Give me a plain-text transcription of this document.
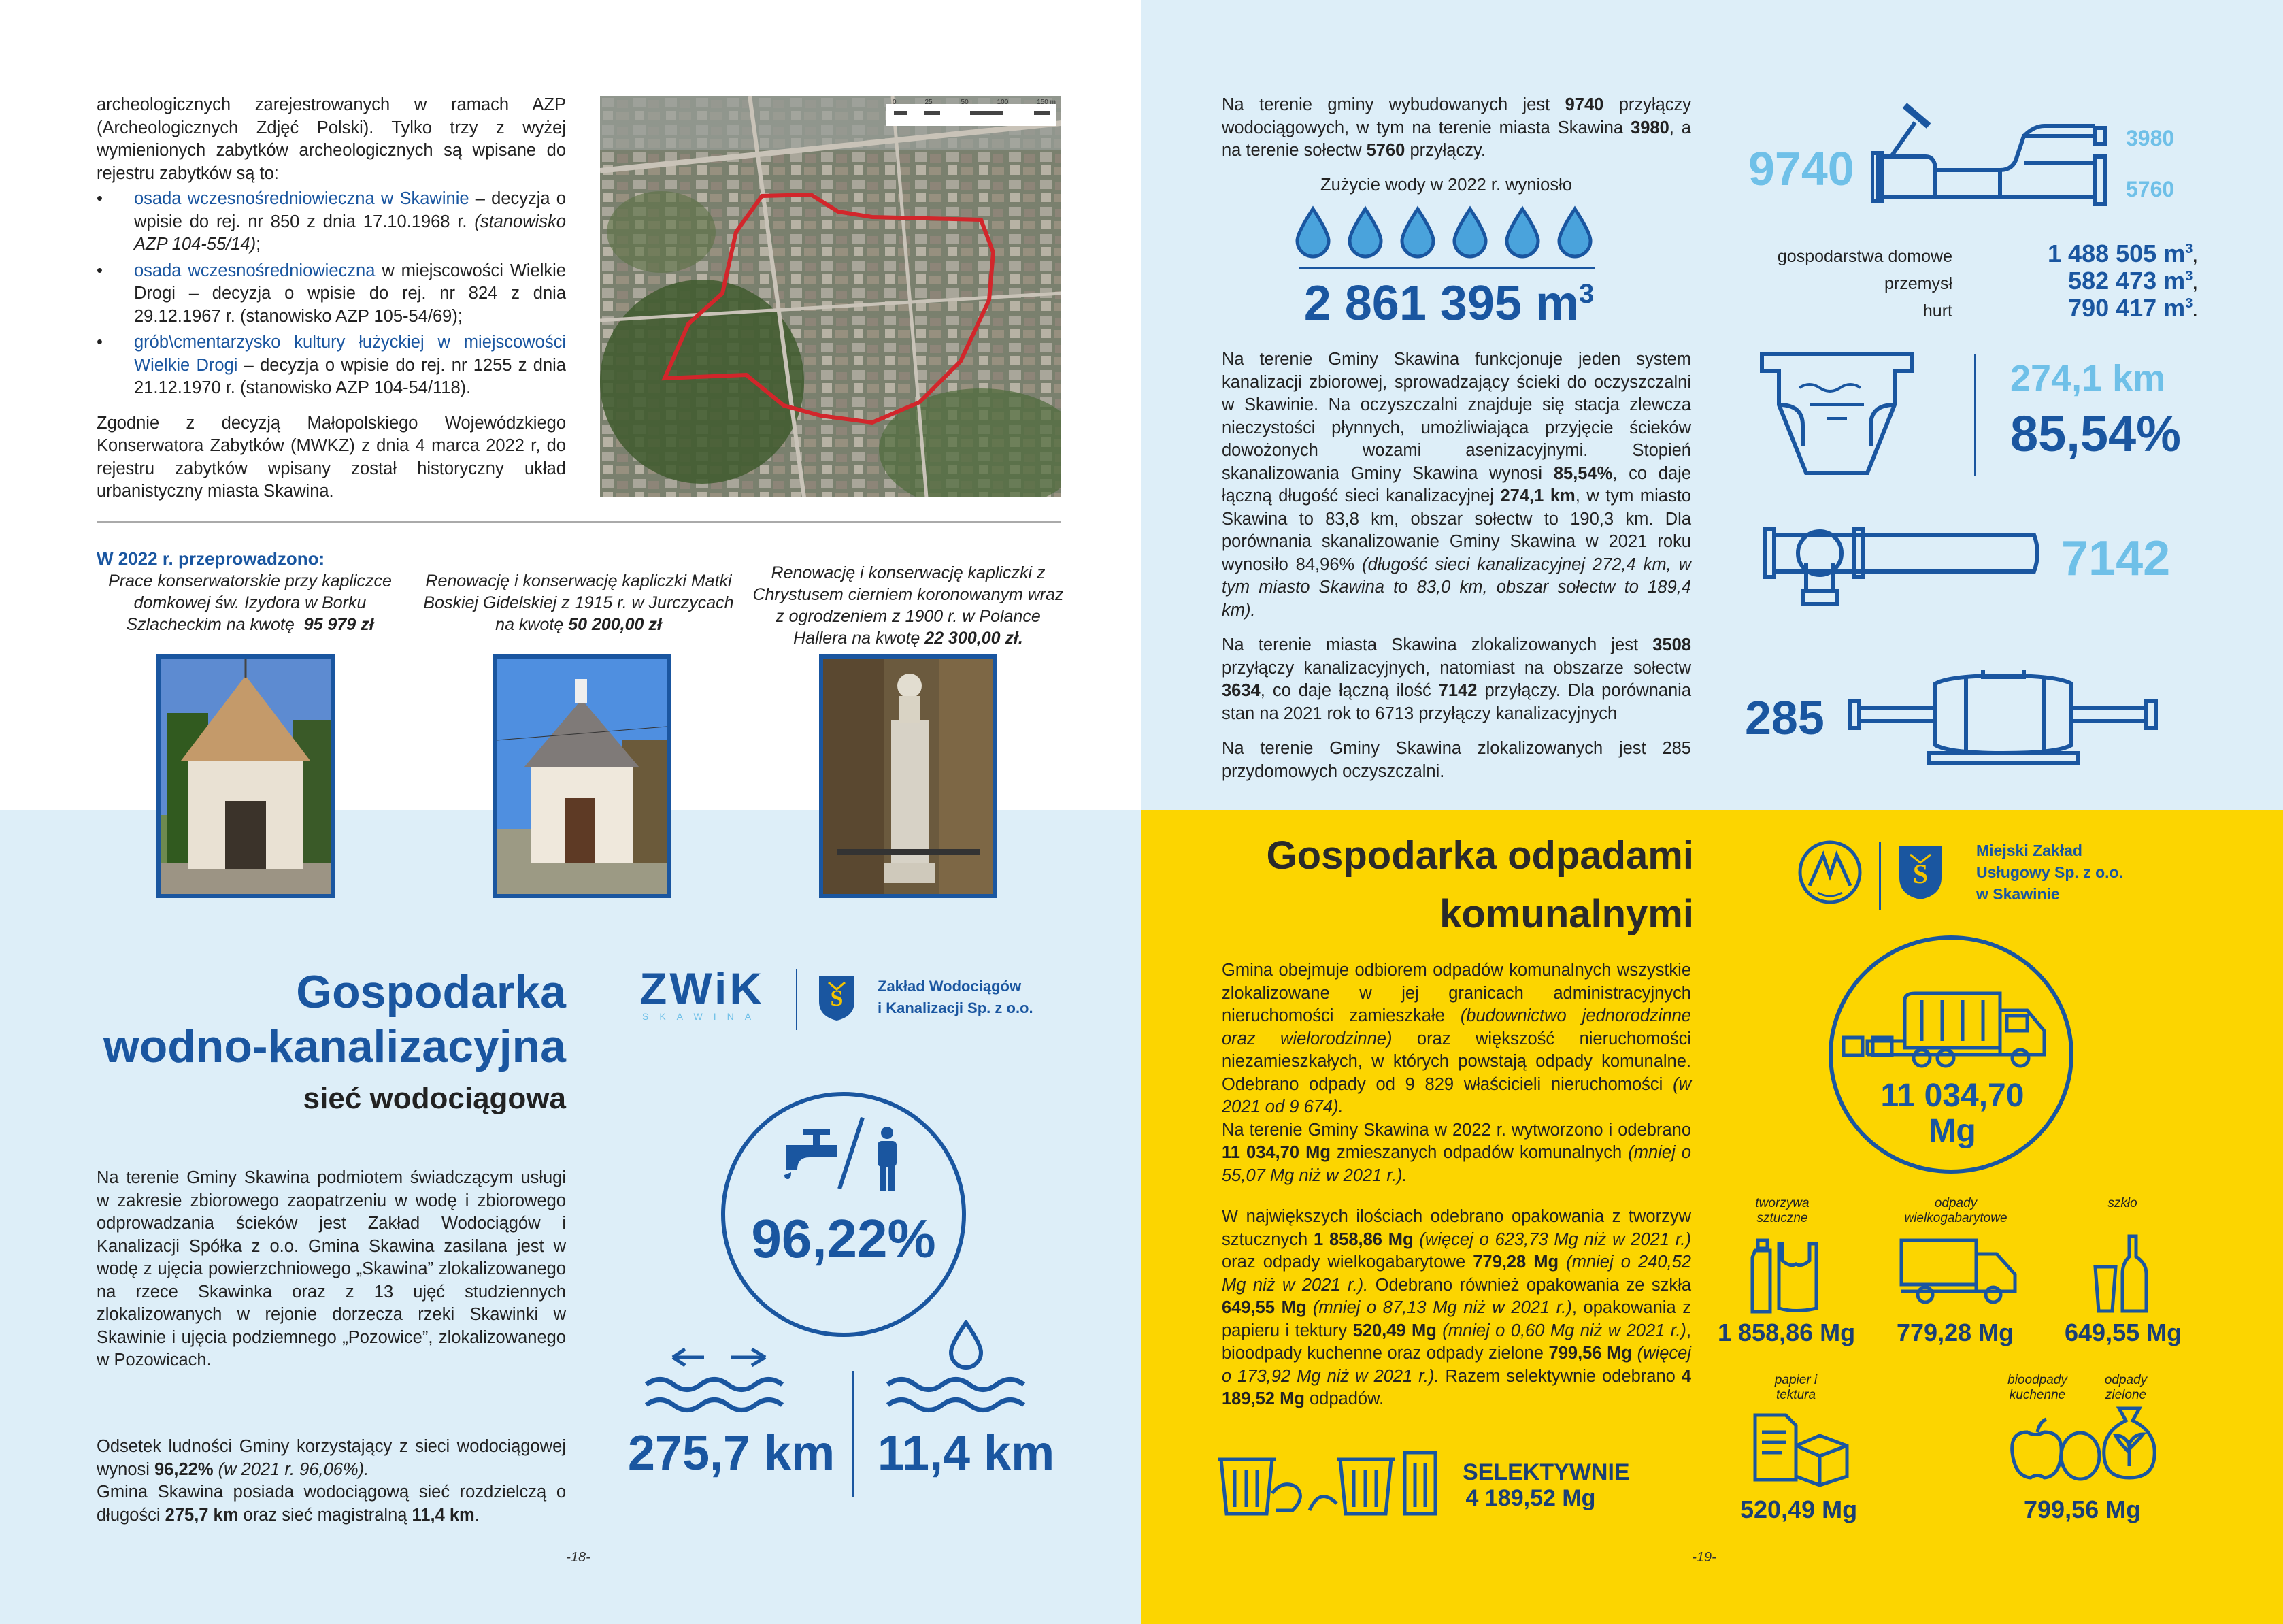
archeologicznych zarejestrowanych w ramach AZP (Archeologicznych Zdjęć Polski). Tylko trzy z wyżej wymienionych zabytków archeologicznych są wpisane do rejestru zabytków są to:

• osada wczesnośredniowieczna w Skawinie – decyzja o wpisie do rej. nr 850 z dnia 17.10.1968 r. (stanowisko AZP 104-55/14);
• osada wczesnośredniowieczna w miejscowości Wielkie Drogi – decyzja o wpisie do rej. nr 824 z dnia 29.12.1967 r. (stanowisko AZP 105-54/69);
• grób\cmentarzysko kultury łużyckiej w miejscowości Wielkie Drogi – decyzja o wpisie do rej. nr 1255 z dnia 21.12.1970 r. (stanowisko AZP 104-54/118).

Zgodnie z decyzją Małopolskiego Wojewódzkiego Konserwatora Zabytków (MWKZ) z dnia 4 marca 2022 r, do rejestru zabytków wpisany został historyczny układ urbanistyczny miasta Skawina.

0	25	50	100	150 m
W 2022 r. przeprowadzono:
Prace konserwatorskie przy kapliczce domkowej św. Izydora w Borku Szlacheckim na kwotę 95 979 zł
Renowację i konserwację kapliczki Matki Boskiej Gidelskiej z 1915 r. w Jurczycach na kwotę 50 200,00 zł
Renowację i konserwację kapliczki z Chrystusem cierniem koronowanym wraz z ogrodzeniem z 1900 r. w Polance Hallera na kwotę 22 300,00 zł.
Gospodarka
wodno-kanalizacyjna
sieć wodociągowa
ZWiK
SKAWINA
S Zakład Wodociągów
i Kanalizacji Sp. z o.o.
Na terenie Gminy Skawina podmiotem świadczącym usługi w zakresie zbiorowego zaopatrzeniu w wodę i zbiorowego odprowadzania ścieków jest Zakład Wodociągów i Kanalizacji Spółka z o.o. Gmina Skawina zasilana jest w wodę z ujęcia powierzchniowego „Skawina” zlokalizowanego na rzece Skawinka oraz z 13 ujęć studziennych zlokalizowanych w rejonie dorzecza rzeki Skawinki w Skawinie i ujęcia podziemnego „Pozowice”, zlokalizowanego w Pozowicach.
Odsetek ludności Gminy korzystający z sieci wodociągowej wynosi 96,22% (w 2021 r. 96,06%).
Gmina Skawina posiada wodociągową sieć rozdzielczą o długości 275,7 km oraz sieć magistralną 11,4 km.
96,22%
275,7 km 11,4 km
-18-
Na terenie gminy wybudowanych jest 9740 przyłączy wodociągowych, w tym na terenie miasta Skawina 3980, a na terenie sołectw 5760 przyłączy.
Zużycie wody w 2022 r. wyniosło
2 861 395 $m^3$
9740
3980
5760
gospodarstwa domowe	1 488 505 $m^3$,
przemysł	582 473 $m^3$,
hurt	790 417 $m^3$.

Na terenie Gminy Skawina funkcjonuje jeden system kanalizacji zbiorowej, sprowadzający ścieki do oczyszczalni w Skawinie. Na oczyszczalni znajduje się stacja zlewcza nieczystości płynnych, umożliwiająca przyjęcie ścieków dowożonych wozami asenizacyjnymi. Stopień skanalizowania Gminy Skawina wynosi 85,54%, co daje łączną długość sieci kanalizacyjnej 274,1 km, w tym miasto Skawina to 83,8 km, obszar sołectw to 190,3 km. Dla porównania skanalizowanie Gminy Skawina w 2021 roku wynosiło 84,96% (długość sieci kanalizacyjnej 272,4 km, w tym miasto Skawina to 83,0 km, obszar sołectw to 189,4 km).

Na terenie miasta Skawina zlokalizowanych jest 3508 przyłączy kanalizacyjnych, natomiast na obszarze sołectw 3634, co daje łączną ilość 7142 przyłączy. Dla porównania stan na 2021 rok to 6713 przyłączy kanalizacyjnych

Na terenie Gminy Skawina zlokalizowanych jest 285 przydomowych oczyszczalni.

274,1 km
85,54%
7142
285
Gospodarka odpadami
komunalnymi
S
Miejski Zakład
Usługowy Sp. z o.o.
w Skawinie
Gmina obejmuje odbiorem odpadów komunalnych wszystkie zlokalizowane w jej granicach administracyjnych nieruchomości zamieszkałe (budownictwo jednorodzinne oraz wielorodzinne) oraz większość nieruchomości niezamieszkałych, w których powstają odpady komunalne. Odebrano odpady od 9 829 właścicieli nieruchomości (w 2021 od 9 674).
Na terenie Gminy Skawina w 2022 r. wytworzono i odebrano 11 034,70 Mg zmieszanych odpadów komunalnych (mniej o 55,07 Mg niż w 2021 r.).
W największych ilościach odebrano opakowania z tworzyw sztucznych 1 858,86 Mg (więcej o 623,73 Mg niż w 2021 r.) oraz odpady wielkogabarytowe 779,28 Mg (mniej o 240,52 Mg niż w 2021 r.). Odebrano również opakowania ze szkła 649,55 Mg (mniej o 87,13 Mg niż w 2021 r.), opakowania z papieru i tektury 520,49 Mg (mniej o 0,60 Mg niż w 2021 r.), bioodpady kuchenne oraz odpady zielone 799,56 Mg (więcej o 173,92 Mg niż w 2021 r.). Razem selektywnie odebrano 4 189,52 Mg odpadów.
11 034,70
Mg
tworzywa sztuczne
odpady wielkogabarytowe
szkło
1 858,86 Mg 779,28 Mg 649,55 Mg
papier i tektura
bioodpady kuchenne
odpady zielone
520,49 Mg	799,56 Mg
SELEKTYWNIE
4 189,52 Mg
-19-
